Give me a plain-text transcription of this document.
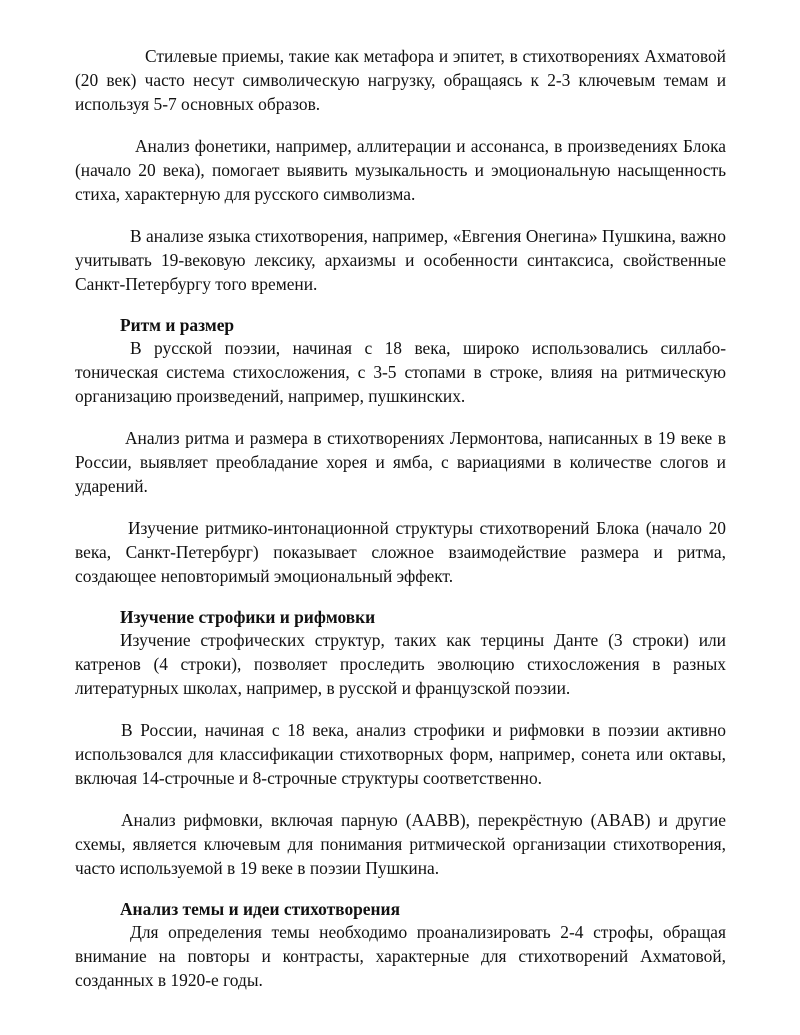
Стилевые приемы, такие как метафора и эпитет, в стихотворениях Ахматовой (20 век) часто несут символическую нагрузку, обращаясь к 2-3 ключевым темам и используя 5-7 основных образов.

Анализ фонетики, например, аллитерации и ассонанса, в произведениях Блока (начало 20 века), помогает выявить музыкальность и эмоциональную насыщенность стиха, характерную для русского символизма.

В анализе языка стихотворения, например, «Евгения Онегина» Пушкина, важно учитывать 19-вековую лексику, архаизмы и особенности синтаксиса, свойственные Санкт-Петербургу того времени.

Ритм и размер

В русской поэзии, начиная с 18 века, широко использовались силлабо-тоническая система стихосложения, с 3-5 стопами в строке, влияя на ритмическую организацию произведений, например, пушкинских.

Анализ ритма и размера в стихотворениях Лермонтова, написанных в 19 веке в России, выявляет преобладание хорея и ямба, с вариациями в количестве слогов и ударений.

Изучение ритмико-интонационной структуры стихотворений Блока (начало 20 века, Санкт-Петербург) показывает сложное взаимодействие размера и ритма, создающее неповторимый эмоциональный эффект.

Изучение строфики и рифмовки

Изучение строфических структур, таких как терцины Данте (3 строки) или катренов (4 строки), позволяет проследить эволюцию стихосложения в разных литературных школах, например, в русской и французской поэзии.

В России, начиная с 18 века, анализ строфики и рифмовки в поэзии активно использовался для классификации стихотворных форм, например, сонета или октавы, включая 14-строчные и 8-строчные структуры соответственно.

Анализ рифмовки, включая парную (AABB), перекрёстную (ABAB) и другие схемы, является ключевым для понимания ритмической организации стихотворения, часто используемой в 19 веке в поэзии Пушкина.

Анализ темы и идеи стихотворения

Для определения темы необходимо проанализировать 2-4 строфы, обращая внимание на повторы и контрасты, характерные для стихотворений Ахматовой, созданных в 1920-е годы.
